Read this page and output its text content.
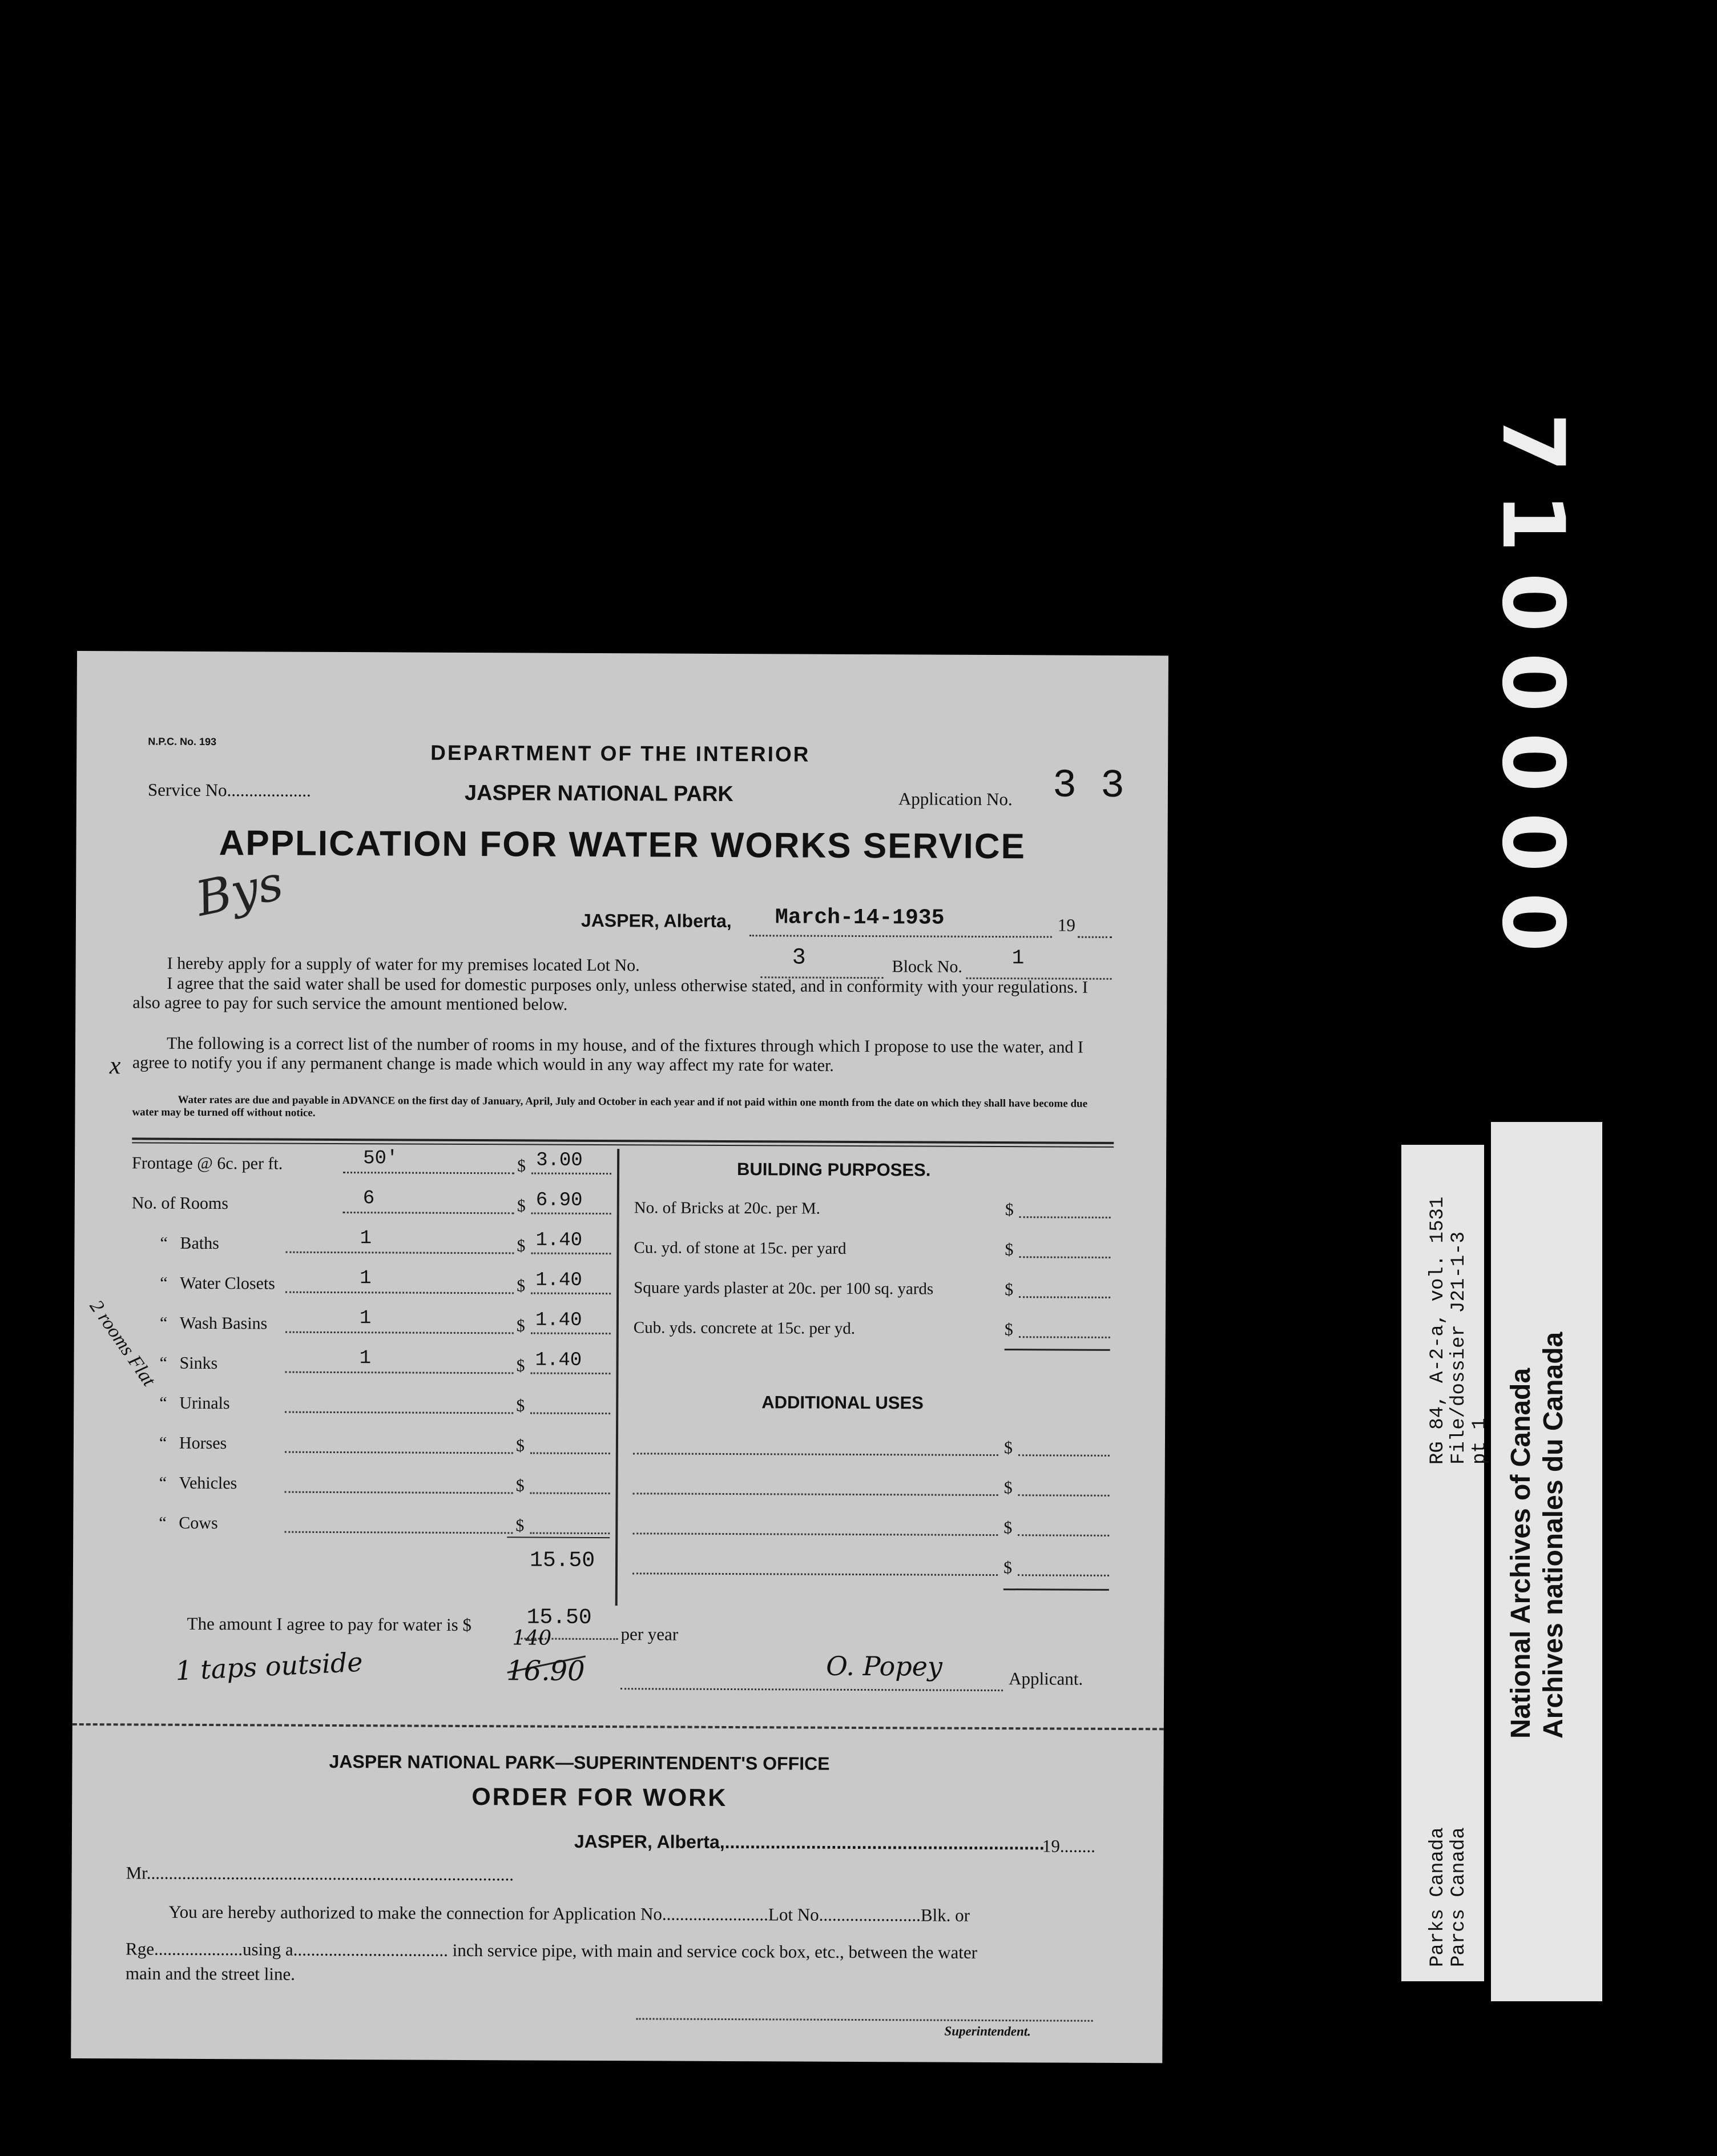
7
1
0
0
0
0
0
N.P.C. No. 193	DEPARTMENT OF THE INTERIOR
Service No...................	JASPER NATIONAL PARK	Application No. 3 3
APPLICATION FOR WATER WORKS SERVICE
Bys	JASPER, Alberta, March-14-1935	19
I hereby apply for a supply of water for my premises located Lot No.	3	Block No. 1
I agree that the said water shall be used for domestic purposes only, unless otherwise stated, and in conformity with your regulations. I also agree to pay for such service the amount mentioned below.
The following is a correct list of the number of rooms in my house, and of the fixtures through which I propose to use the water, and I agree to notify you if any permanent change is made which would in any way affect my rate for water.
x
Water rates are due and payable in ADVANCE on the first day of January, April, July and October in each year and if not paid within one month from the date on which they shall have become due water may be turned off without notice.
Frontage @ 6c. per ft.	50'	$ 3.00
No. of Rooms	6	$ 6.90
“ Baths	1	$ 1.40
“ Water Closets	1	$ 1.40
“ Wash Basins	1	$ 1.40
“ Sinks	1	$ 1.40
“ Urinals	$
“ Horses	$
“ Vehicles	$
“ Cows	$
15.50
BUILDING PURPOSES.
No. of Bricks at 20c. per M.	$
Cu. yd. of stone at 15c. per yard	$
Square yards plaster at 20c. per 100 sq. yards	$
Cub. yds. concrete at 15c. per yd.	$
ADDITIONAL USES
$
$
$
$
The amount I agree to pay for water is $	15.50
per year
1 taps outside
140
16.90	O. Popey	Applicant.
2 rooms Flat
JASPER NATIONAL PARK—SUPERINTENDENT'S OFFICE
ORDER FOR WORK
JASPER, Alberta,...............................................................
19........
Mr...................................................................................
You are hereby authorized to make the connection for Application No........................Lot No.......................Blk. or
Rge....................using a................................... inch service pipe, with main and service cock box, etc., between the water
main and the street line.
Superintendent.
RG 84, A-2-a, vol. 1531 File/dossier J21-1-3 pt 1
Parks Canada Parcs Canada
National Archives of Canada Archives nationales du Canada
